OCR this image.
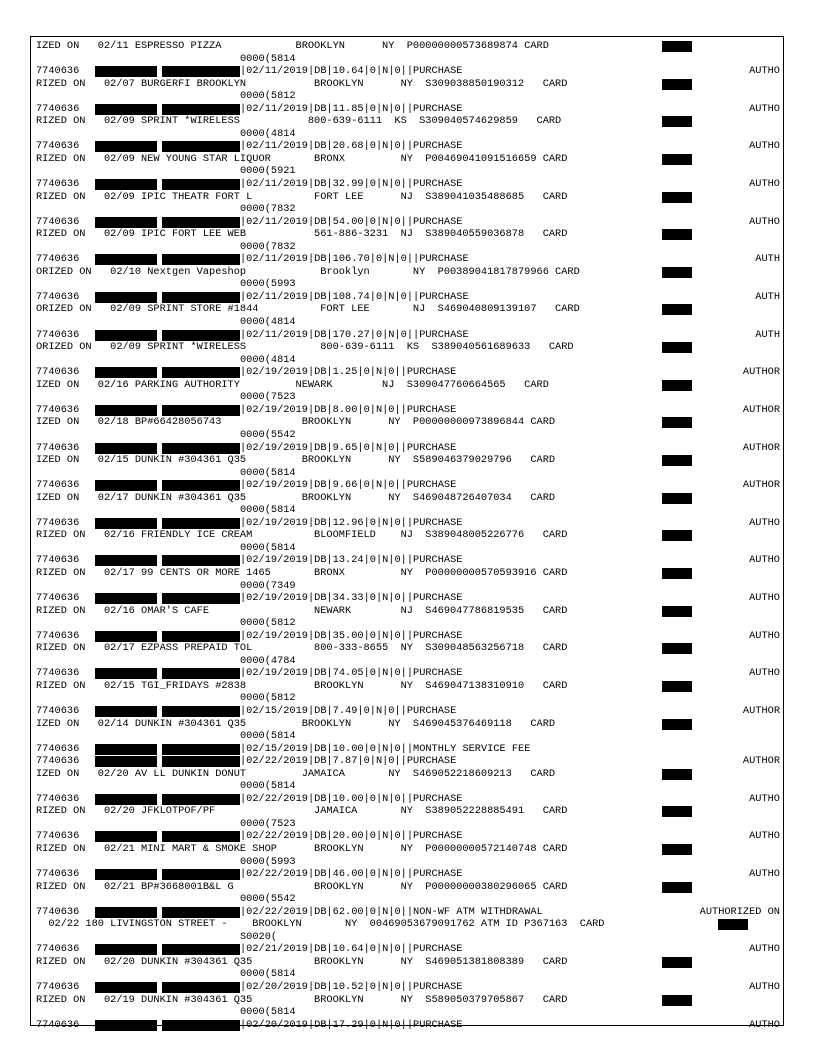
IZED ON   02/11 ESPRESSO PIZZA            BROOKLYN      NY  P00000000573689874 CARD
0000(5814
7740636	|02/11/2019|DB|10.64|0|N|0||PURCHASE	AUTHO
RIZED ON   02/07 BURGERFI BROOKLYN           BROOKLYN      NY  S309038850190312   CARD
0000(5812
7740636	|02/11/2019|DB|11.85|0|N|0||PURCHASE	AUTHO
RIZED ON   02/09 SPRINT *WIRELESS           800-639-6111  KS  S309040574629859   CARD
0000(4814
7740636	|02/11/2019|DB|20.68|0|N|0||PURCHASE	AUTHO
RIZED ON   02/09 NEW YOUNG STAR LIQUOR       BRONX         NY  P00469041091516659 CARD
0000(5921
7740636	|02/11/2019|DB|32.99|0|N|0||PURCHASE	AUTHO
RIZED ON   02/09 IPIC THEATR FORT L          FORT LEE      NJ  S389041035488685   CARD
0000(7832
7740636	|02/11/2019|DB|54.00|0|N|0||PURCHASE	AUTHO
RIZED ON   02/09 IPIC FORT LEE WEB           561-886-3231  NJ  S389040559036878   CARD
0000(7832
7740636	|02/11/2019|DB|106.70|0|N|0||PURCHASE	AUTH
ORIZED ON   02/10 Nextgen Vapeshop            Brooklyn       NY  P00389041817879966 CARD
0000(5993
7740636	|02/11/2019|DB|108.74|0|N|0||PURCHASE	AUTH
ORIZED ON   02/09 SPRINT STORE #1844          FORT LEE       NJ  S469040809139107   CARD
0000(4814
7740636	|02/11/2019|DB|170.27|0|N|0||PURCHASE	AUTH
ORIZED ON   02/09 SPRINT *WIRELESS            800-639-6111  KS  S389040561689633   CARD
0000(4814
7740636	|02/19/2019|DB|1.25|0|N|0||PURCHASE	AUTHOR
IZED ON   02/16 PARKING AUTHORITY         NEWARK        NJ  S309047760664565   CARD
0000(7523
7740636	|02/19/2019|DB|8.00|0|N|0||PURCHASE	AUTHOR
IZED ON   02/18 BP#66428056743             BROOKLYN      NY  P00000000973896844 CARD
0000(5542
7740636	|02/19/2019|DB|9.65|0|N|0||PURCHASE	AUTHOR
IZED ON   02/15 DUNKIN #304361 Q35         BROOKLYN      NY  S589046379029796   CARD
0000(5814
7740636	|02/19/2019|DB|9.66|0|N|0||PURCHASE	AUTHOR
IZED ON   02/17 DUNKIN #304361 Q35         BROOKLYN      NY  S469048726407034   CARD
0000(5814
7740636	|02/19/2019|DB|12.96|0|N|0||PURCHASE	AUTHO
RIZED ON   02/16 FRIENDLY ICE CREAM          BLOOMFIELD    NJ  S389048005226776   CARD
0000(5814
7740636	|02/19/2019|DB|13.24|0|N|0||PURCHASE	AUTHO
RIZED ON   02/17 99 CENTS OR MORE 1465       BRONX         NY  P00000000570593916 CARD
0000(7349
7740636	|02/19/2019|DB|34.33|0|N|0||PURCHASE	AUTHO
RIZED ON   02/16 OMAR'S CAFE                 NEWARK        NJ  S469047786819535   CARD
0000(5812
7740636	|02/19/2019|DB|35.00|0|N|0||PURCHASE	AUTHO
RIZED ON   02/17 EZPASS PREPAID TOL          800-333-8655  NY  S309048563256718   CARD
0000(4784
7740636	|02/19/2019|DB|74.05|0|N|0||PURCHASE	AUTHO
RIZED ON   02/15 TGI_FRIDAYS #2838           BROOKLYN      NY  S469047138310910   CARD
0000(5812
7740636	|02/15/2019|DB|7.49|0|N|0||PURCHASE	AUTHOR
IZED ON   02/14 DUNKIN #304361 Q35         BROOKLYN      NY  S469045376469118   CARD
0000(5814
7740636	|02/15/2019|DB|10.00|0|N|0||MONTHLY SERVICE FEE
7740636	|02/22/2019|DB|7.87|0|N|0||PURCHASE	AUTHOR
IZED ON   02/20 AV LL DUNKIN DONUT         JAMAICA       NY  S469052218609213   CARD
0000(5814
7740636	|02/22/2019|DB|10.00|0|N|0||PURCHASE	AUTHO
RIZED ON   02/20 JFKLOTPOF/PF                JAMAICA       NY  S389052228885491   CARD
0000(7523
7740636	|02/22/2019|DB|20.00|0|N|0||PURCHASE	AUTHO
RIZED ON   02/21 MINI MART & SMOKE SHOP      BROOKLYN      NY  P00000000572140748 CARD
0000(5993
7740636	|02/22/2019|DB|46.00|0|N|0||PURCHASE	AUTHO
RIZED ON   02/21 BP#3668001B&L G             BROOKLYN      NY  P00000000380296065 CARD
0000(5542
7740636	|02/22/2019|DB|62.00|0|N|0||NON-WF ATM WITHDRAWAL	AUTHORIZED ON
02/22 180 LIVINGSTON STREET -    BROOKLYN       NY  00469053679091762 ATM ID P367163  CARD
S0020(
7740636	|02/21/2019|DB|10.64|0|N|0||PURCHASE	AUTHO
RIZED ON   02/20 DUNKIN #304361 Q35          BROOKLYN      NY  S469051381808389   CARD
0000(5814
7740636	|02/20/2019|DB|10.52|0|N|0||PURCHASE	AUTHO
RIZED ON   02/19 DUNKIN #304361 Q35          BROOKLYN      NY  S589050379705867   CARD
0000(5814
7740636	|02/20/2019|DB|17.29|0|N|0||PURCHASE	AUTHO
